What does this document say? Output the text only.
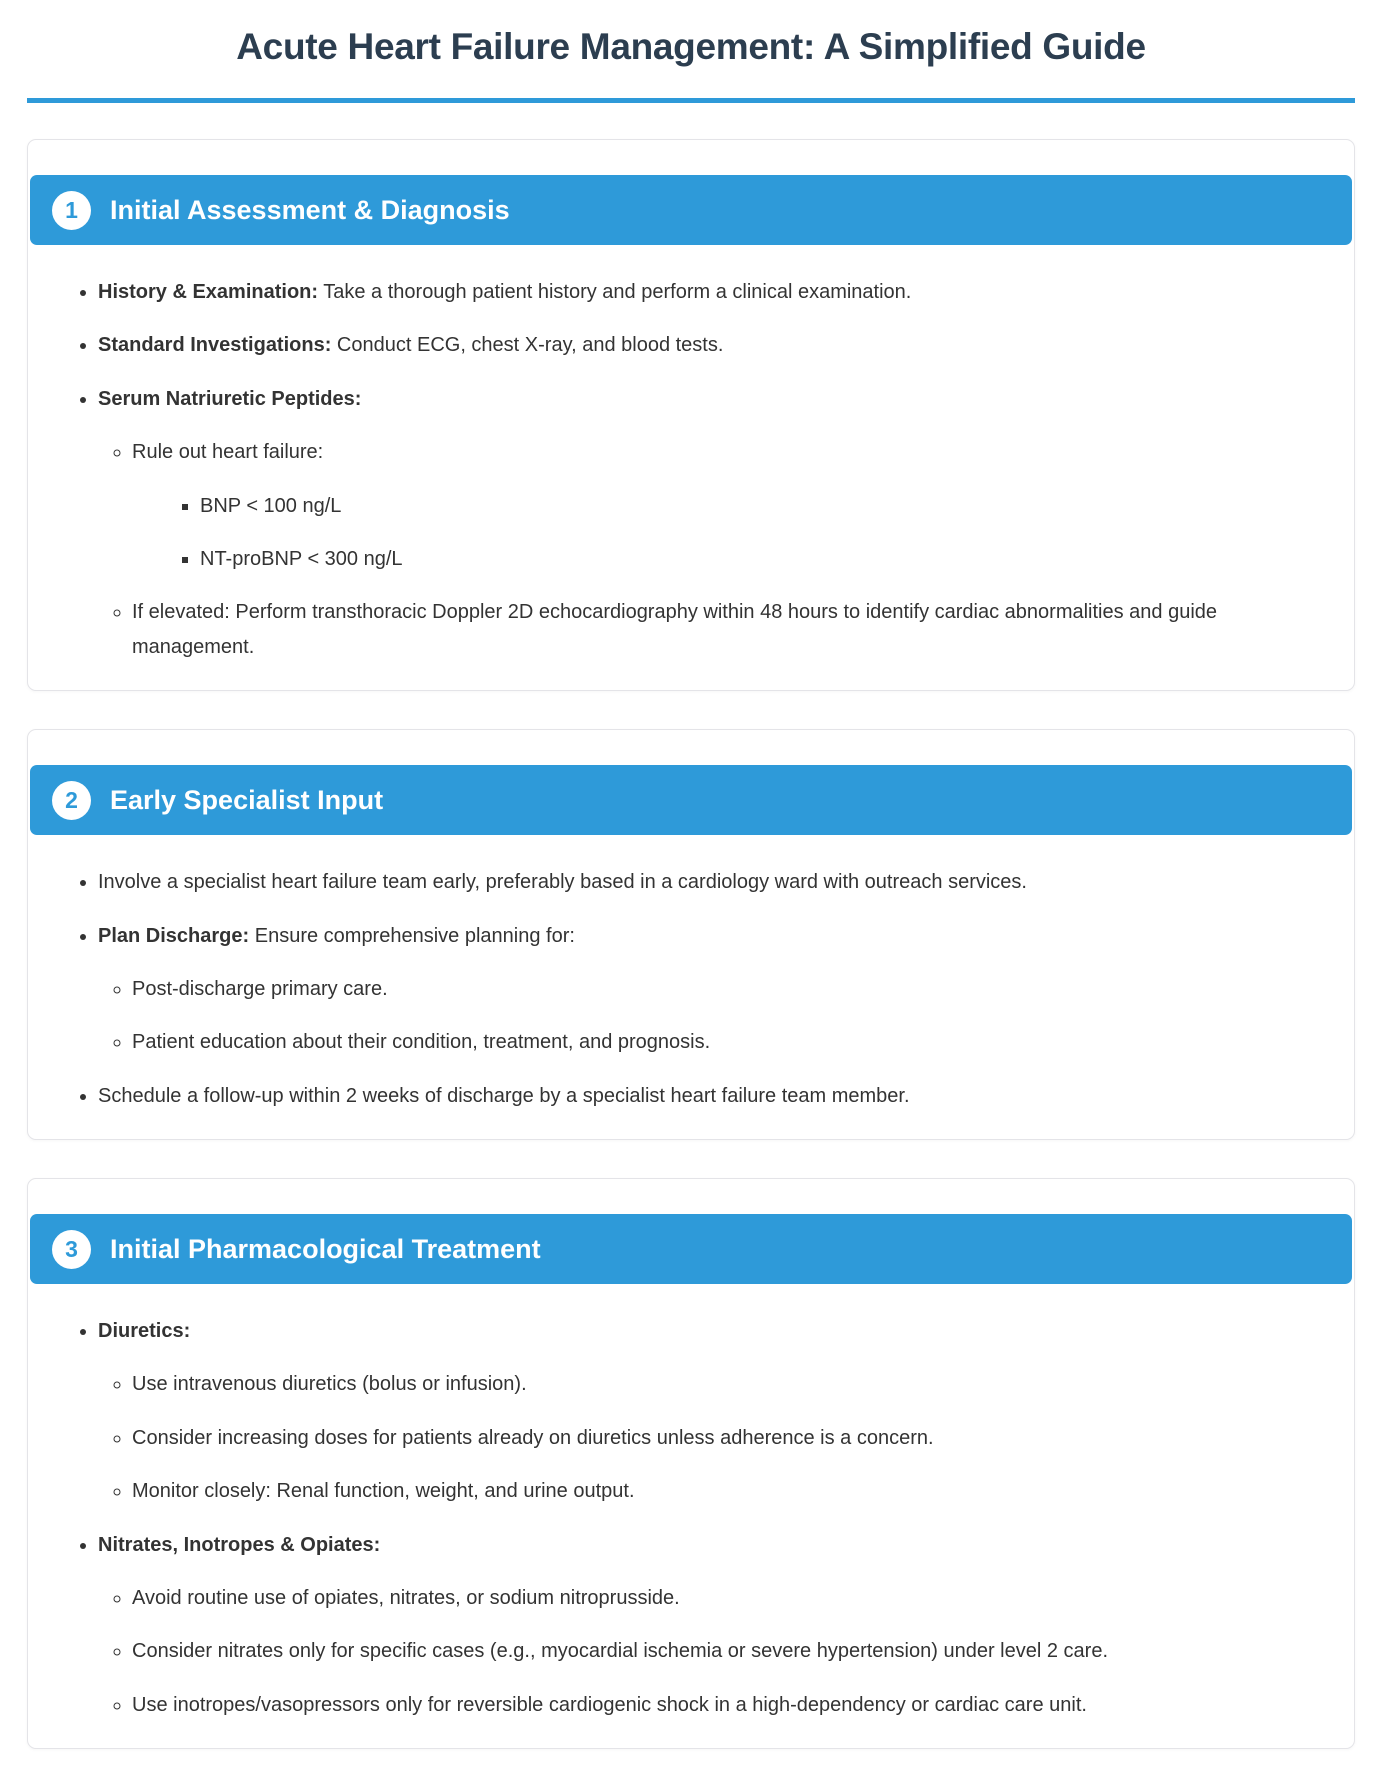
Acute Heart Failure Management: A Simplified Guide
1	Initial Assessment & Diagnosis
• History & Examination: Take a thorough patient history and perform a clinical examination.
• Standard Investigations: Conduct ECG, chest X-ray, and blood tests.
• Serum Natriuretic Peptides:
◦ Rule out heart failure:
▪ BNP < 100 ng/L
▪ NT-proBNP < 300 ng/L
◦ If elevated: Perform transthoracic Doppler 2D echocardiography within 48 hours to identify cardiac abnormalities and guide management.
2	Early Specialist Input
• Involve a specialist heart failure team early, preferably based in a cardiology ward with outreach services.
• Plan Discharge: Ensure comprehensive planning for:
◦ Post-discharge primary care.
◦ Patient education about their condition, treatment, and prognosis.
• Schedule a follow-up within 2 weeks of discharge by a specialist heart failure team member.
3	Initial Pharmacological Treatment
• Diuretics:
◦ Use intravenous diuretics (bolus or infusion).
◦ Consider increasing doses for patients already on diuretics unless adherence is a concern.
◦ Monitor closely: Renal function, weight, and urine output.
• Nitrates, Inotropes & Opiates:
◦ Avoid routine use of opiates, nitrates, or sodium nitroprusside.
◦ Consider nitrates only for specific cases (e.g., myocardial ischemia or severe hypertension) under level 2 care.
◦ Use inotropes/vasopressors only for reversible cardiogenic shock in a high-dependency or cardiac care unit.
